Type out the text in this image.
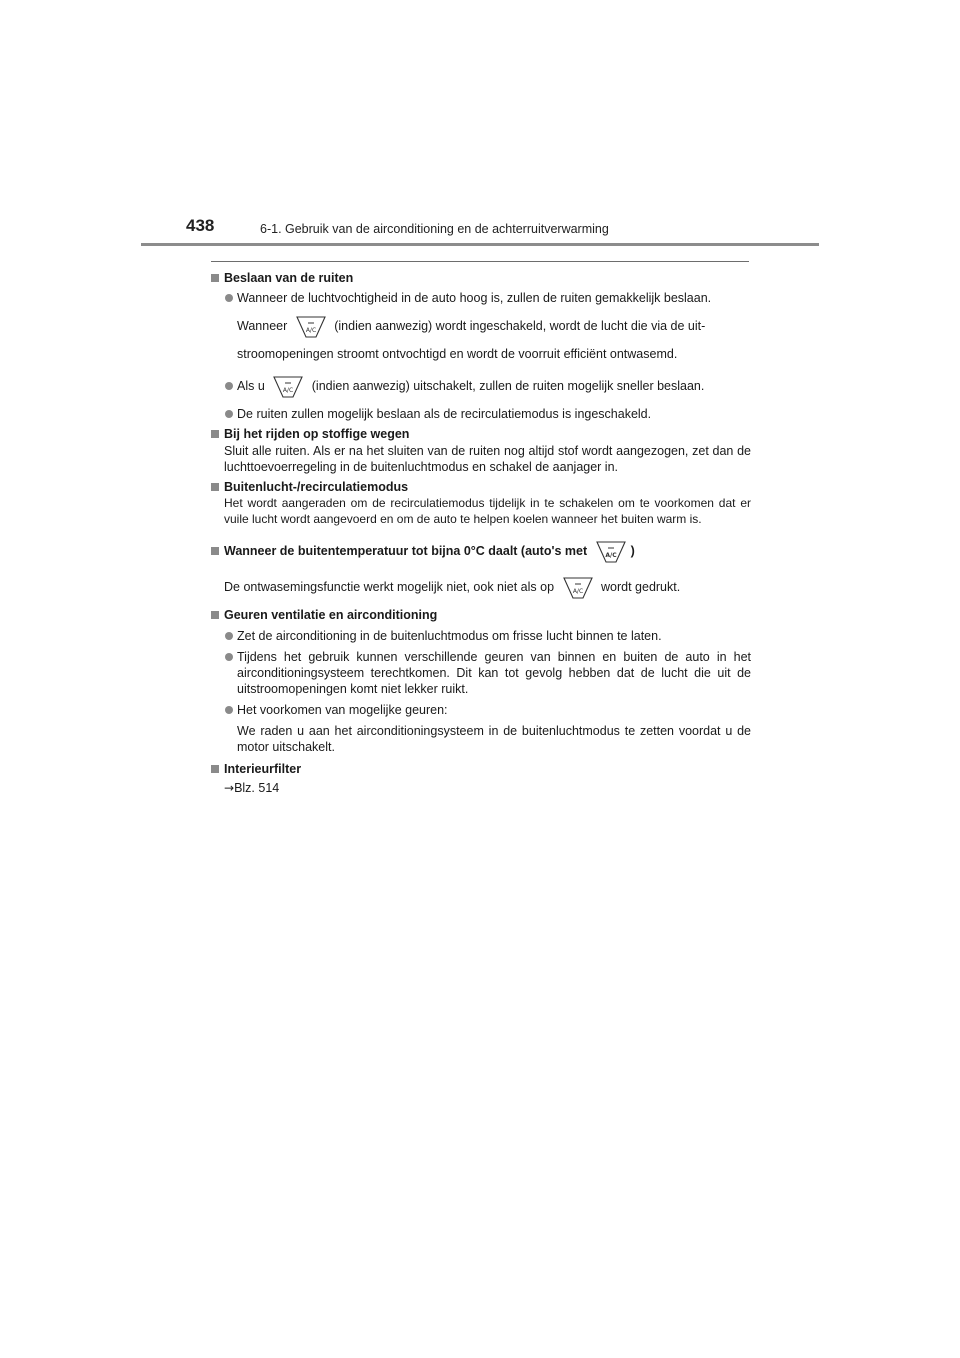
438	6-1. Gebruik van de airconditioning en de achterruitverwarming
Beslaan van de ruiten
Wanneer de luchtvochtigheid in de auto hoog is, zullen de ruiten gemakkelijk beslaan.
Wanneer	A/C (indien aanwezig) wordt ingeschakeld, wordt de lucht die via de uit-
stroomopeningen stroomt ontvochtigd en wordt de voorruit efficiënt ontwasemd.
Als u	A/C (indien aanwezig) uitschakelt, zullen de ruiten mogelijk sneller beslaan.
De ruiten zullen mogelijk beslaan als de recirculatiemodus is ingeschakeld.
Bij het rijden op stoffige wegen
Sluit alle ruiten. Als er na het sluiten van de ruiten nog altijd stof wordt aangezogen, zet dan de luchttoevoerregeling in de buitenluchtmodus en schakel de aanjager in.
Buitenlucht-/recirculatiemodus
Het wordt aangeraden om de recirculatiemodus tijdelijk in te schakelen om te voorkomen dat er vuile lucht wordt aangevoerd en om de auto te helpen koelen wanneer het buiten warm is.
Wanneer de buitentemperatuur tot bijna 0°C daalt (auto's met	A/C )
De ontwasemingsfunctie werkt mogelijk niet, ook niet als op	A/C wordt gedrukt.
Geuren ventilatie en airconditioning
Zet de airconditioning in de buitenluchtmodus om frisse lucht binnen te laten.
Tijdens het gebruik kunnen verschillende geuren van binnen en buiten de auto in het airconditioningsysteem terechtkomen. Dit kan tot gevolg hebben dat de lucht die uit de uitstroomopeningen komt niet lekker ruikt.
Het voorkomen van mogelijke geuren:
We raden u aan het airconditioningsysteem in de buitenluchtmodus te zetten voordat u de motor uitschakelt.
Interieurfilter
→Blz. 514
